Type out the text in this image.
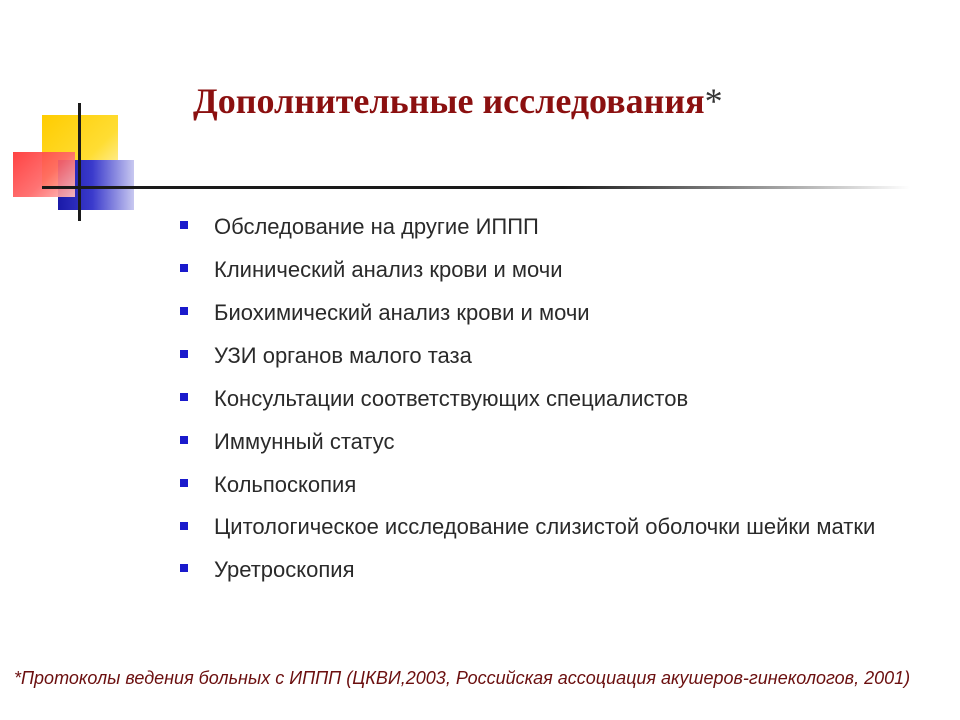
Дополнительные исследования*
Обследование на другие ИППП
Клинический анализ крови и мочи
Биохимический анализ крови и мочи
УЗИ органов малого таза
Консультации соответствующих специалистов
Иммунный статус
Кольпоскопия
Цитологическое исследование слизистой оболочки шейки матки
Уретроскопия
*Протоколы ведения больных с ИППП (ЦКВИ,2003, Российская ассоциация акушеров-гинекологов, 2001)
